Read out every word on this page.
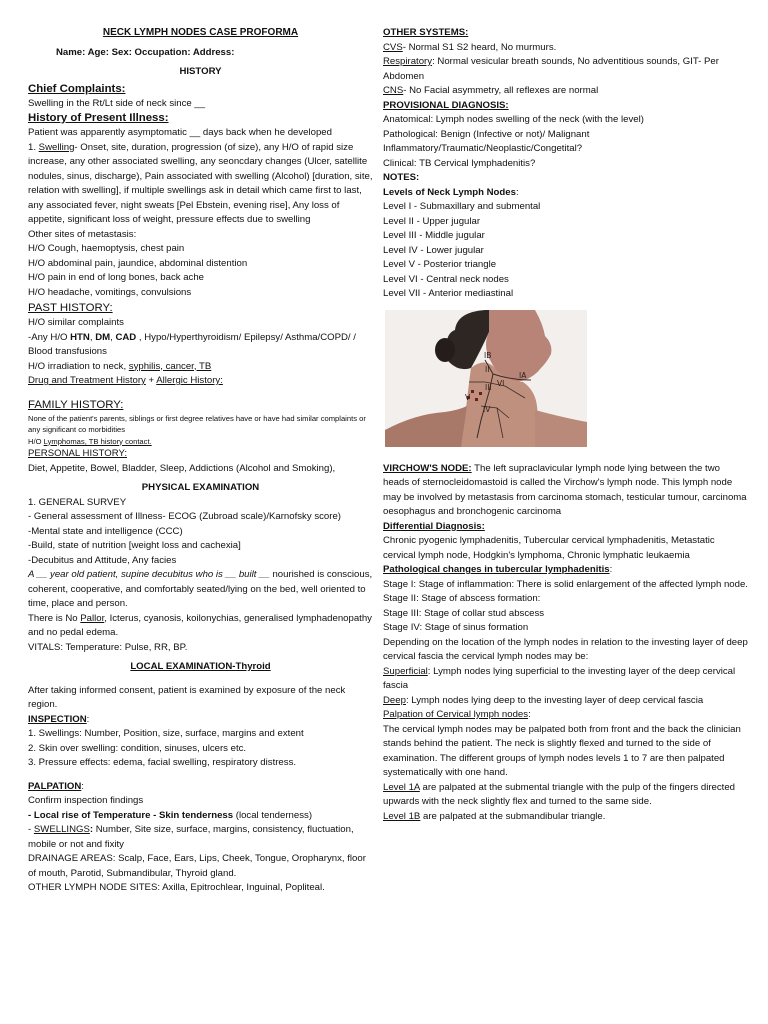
NECK LYMPH NODES CASE PROFORMA
Name: Age: Sex: Occupation: Address:
HISTORY
Chief Complaints:
Swelling in the Rt/Lt side of neck since __
History of Present Illness:
Patient was apparently asymptomatic __ days back when he developed
1. Swelling- Onset, site, duration, progression (of size), any H/O of rapid size increase, any other associated swelling, any seoncdary changes (Ulcer, satellite nodules, sinus, discharge), Pain associated with swelling (Alcohol) [duration, site, relation with swelling], if multiple swellings ask in detail which came first to last, any associated fever, night sweats [Pel Ebstein, evening rise], Any loss of appetite, significant loss of weight, pressure effects due to swelling
Other sites of metastasis:
H/O Cough, haemoptysis, chest pain
H/O abdominal pain, jaundice, abdominal distention
H/O pain in end of long bones, back ache
H/O headache, vomitings, convulsions
PAST HISTORY:
H/O similar complaints
-Any H/O HTN, DM, CAD , Hypo/Hyperthyroidism/ Epilepsy/ Asthma/COPD/ / Blood transfusions
H/O irradiation to neck, syphilis, cancer, TB
Drug and Treatment History + Allergic History:
FAMILY HISTORY:
None of the patient's parents, siblings or first degree relatives have or have had similar complaints or any significant co morbidities
H/O Lymphomas, TB history contact.
PERSONAL HISTORY:
Diet, Appetite, Bowel, Bladder, Sleep, Addictions (Alcohol and Smoking),
PHYSICAL EXAMINATION
1. GENERAL SURVEY
- General assessment of Illness- ECOG (Zubroad scale)/Karnofsky score)
-Mental state and intelligence (CCC)
-Build, state of nutrition [weight loss and cachexia]
-Decubitus and Attitude, Any facies
A __ year old patient, supine decubitus who is __ built __ nourished is conscious, coherent, cooperative, and comfortably seated/lying on the bed, well oriented to time, place and person.
There is No Pallor, Icterus, cyanosis, koilonychias, generalised lymphadenopathy and no pedal edema.
VITALS: Temperature: Pulse, RR, BP.
LOCAL EXAMINATION-Thyroid
After taking informed consent, patient is examined by exposure of the neck region.
INSPECTION:
1. Swellings: Number, Position, size, surface, margins and extent
2. Skin over swelling: condition, sinuses, ulcers etc.
3. Pressure effects: edema, facial swelling, respiratory distress.
PALPATION:
Confirm inspection findings
- Local rise of Temperature - Skin tenderness (local tenderness)
- SWELLINGS: Number, Site size, surface, margins, consistency, fluctuation, mobile or not and fixity
DRAINAGE AREAS: Scalp, Face, Ears, Lips, Cheek, Tongue, Oropharynx, floor of mouth, Parotid, Submandibular, Thyroid gland.
OTHER LYMPH NODE SITES: Axilla, Epitrochlear, Inguinal, Popliteal.
OTHER SYSTEMS:
CVS- Normal S1 S2 heard, No murmurs.
Respiratory: Normal vesicular breath sounds, No adventitious sounds, GIT- Per Abdomen
CNS- No Facial asymmetry, all reflexes are normal
PROVISIONAL DIAGNOSIS:
Anatomical: Lymph nodes swelling of the neck (with the level)
Pathological: Benign (Infective or not)/ Malignant Inflammatory/Traumatic/Neoplastic/Congetital?
Clinical: TB Cervical lymphadenitis?
NOTES:
Levels of Neck Lymph Nodes:
Level I - Submaxillary and submental
Level II - Upper jugular
Level III - Middle jugular
Level IV - Lower jugular
Level V - Posterior triangle
Level VI - Central neck nodes
Level VII - Anterior mediastinal
IB
IA
II
III VI
V
IV
VIRCHOW'S NODE: The left supraclavicular lymph node lying between the two heads of sternocleidomastoid is called the Virchow's lymph node. This lymph node may be involved by metastasis from carcinoma stomach, testicular tumour, carcinoma oesophagus and bronchogenic carcinoma
Differential Diagnosis:
Chronic pyogenic lymphadenitis, Tubercular cervical lymphadenitis, Metastatic cervical lymph node, Hodgkin's lymphoma, Chronic lymphatic leukaemia
Pathological changes in tubercular lymphadenitis:
Stage I: Stage of inflammation: There is solid enlargement of the affected lymph node.
Stage II: Stage of abscess formation:
Stage III: Stage of collar stud abscess
Stage IV: Stage of sinus formation
Depending on the location of the lymph nodes in relation to the investing layer of deep cervical fascia the cervical lymph nodes may be:
Superficial: Lymph nodes lying superficial to the investing layer of the deep cervical fascia
Deep: Lymph nodes lying deep to the investing layer of deep cervical fascia
Palpation of Cervical lymph nodes:
The cervical lymph nodes may be palpated both from front and the back the clinician stands behind the patient. The neck is slightly flexed and turned to the side of examination. The different groups of lymph nodes levels 1 to 7 are then palpated systematically with one hand.
Level 1A are palpated at the submental triangle with the pulp of the fingers directed upwards with the neck slightly flex and turned to the same side.
Level 1B are palpated at the submandibular triangle.
